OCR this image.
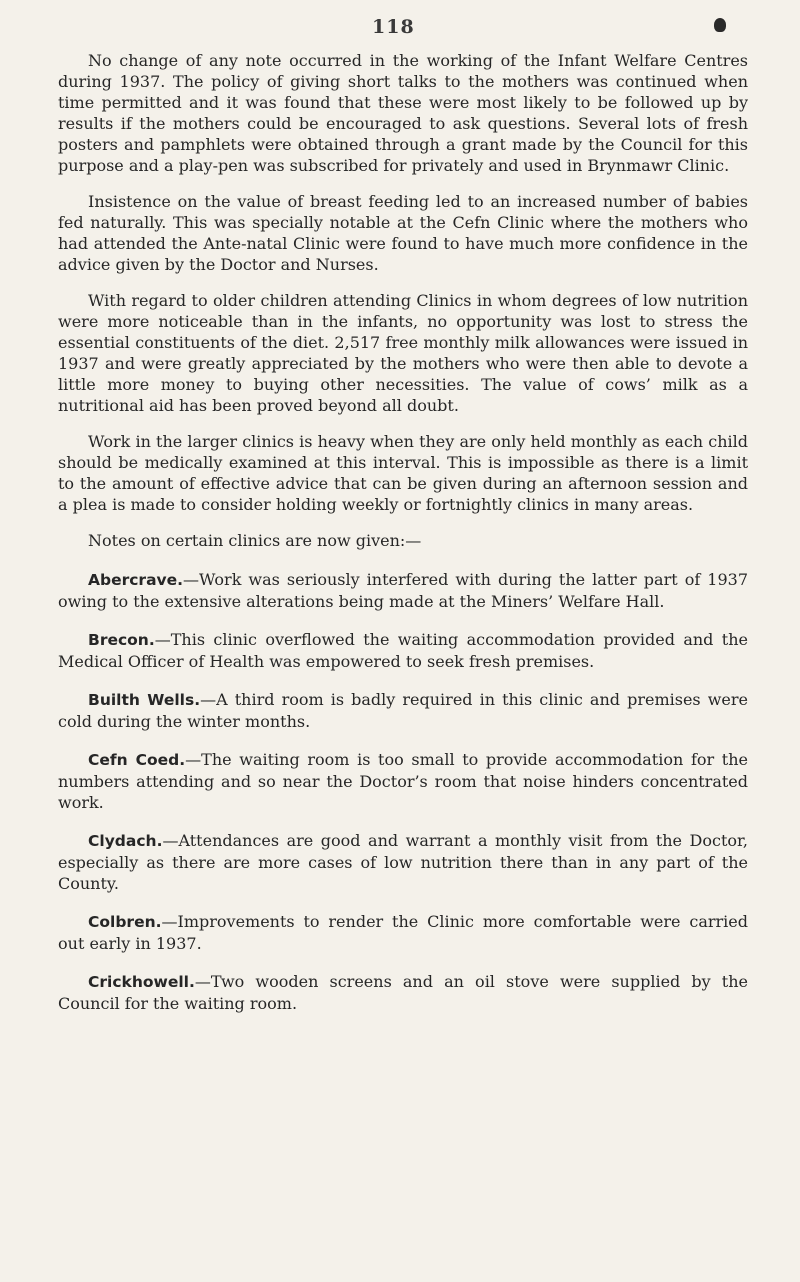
118

No change of any note occurred in the working of the Infant Welfare Centres during 1937. The policy of giving short talks to the mothers was continued when time permitted and it was found that these were most likely to be followed up by results if the mothers could be encouraged to ask questions. Several lots of fresh posters and pamphlets were obtained through a grant made by the Council for this purpose and a play-pen was subscribed for privately and used in Brynmawr Clinic.

Insistence on the value of breast feeding led to an increased number of babies fed naturally. This was specially notable at the Cefn Clinic where the mothers who had attended the Ante-natal Clinic were found to have much more confidence in the advice given by the Doctor and Nurses.

With regard to older children attending Clinics in whom degrees of low nutrition were more noticeable than in the infants, no opportunity was lost to stress the essential constituents of the diet. 2,517 free monthly milk allowances were issued in 1937 and were greatly appreciated by the mothers who were then able to devote a little more money to buying other necessities. The value of cows’ milk as a nutritional aid has been proved beyond all doubt.

Work in the larger clinics is heavy when they are only held monthly as each child should be medically examined at this interval. This is impossible as there is a limit to the amount of effective advice that can be given during an afternoon session and a plea is made to consider holding weekly or fortnightly clinics in many areas.

Notes on certain clinics are now given:—

Abercrave.—Work was seriously interfered with during the latter part of 1937 owing to the extensive alterations being made at the Miners’ Welfare Hall.

Brecon.—This clinic overflowed the waiting accommodation provided and the Medical Officer of Health was empowered to seek fresh premises.

Builth Wells.—A third room is badly required in this clinic and premises were cold during the winter months.

Cefn Coed.—The waiting room is too small to provide accommodation for the numbers attending and so near the Doctor’s room that noise hinders concentrated work.

Clydach.—Attendances are good and warrant a monthly visit from the Doctor, especially as there are more cases of low nutrition there than in any part of the County.

Colbren.—Improvements to render the Clinic more comfortable were carried out early in 1937.

Crickhowell.—Two wooden screens and an oil stove were supplied by the Council for the waiting room.
